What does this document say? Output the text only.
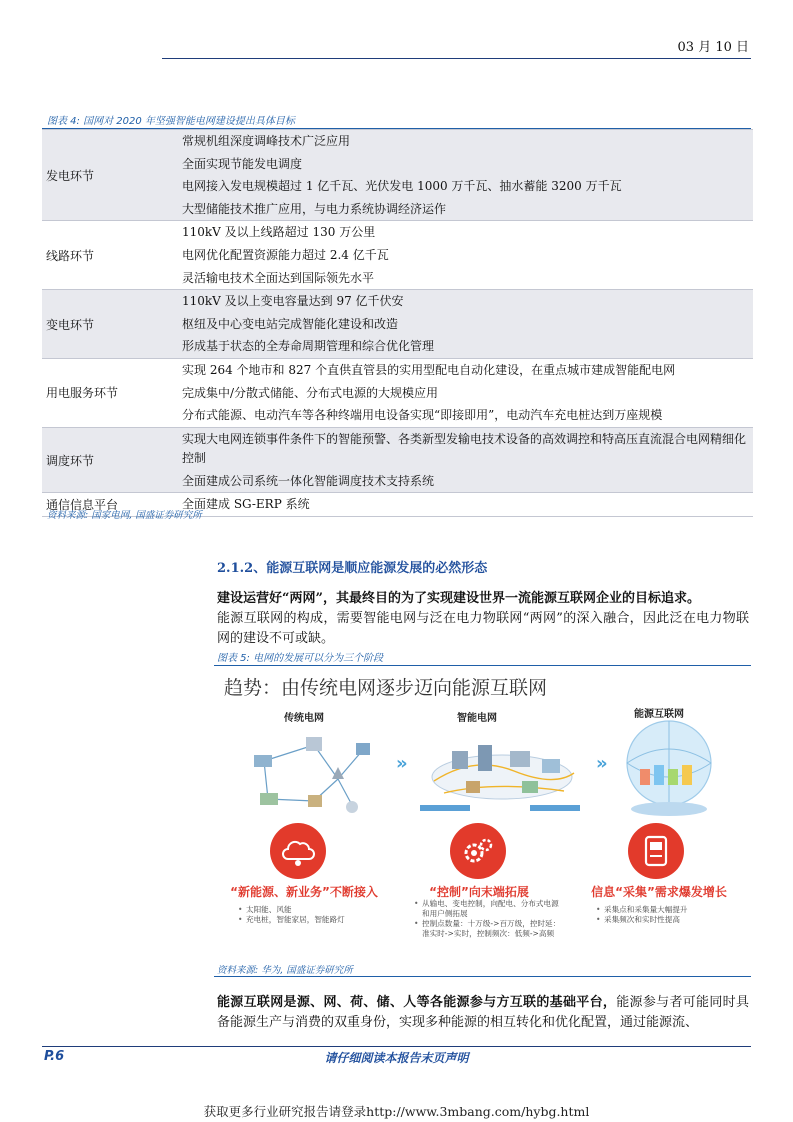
03 月 10 日
图表 4: 国网对 2020 年坚强智能电网建设提出具体目标
发电环节	常规机组深度调峰技术广泛应用
	全面实现节能发电调度
	电网接入发电规模超过 1 亿千瓦、光伏发电 1000 万千瓦、抽水蓄能 3200 万千瓦
	大型储能技术推广应用，与电力系统协调经济运作
线路环节	110kV 及以上线路超过 130 万公里
	电网优化配置资源能力超过 2.4 亿千瓦
	灵活输电技术全面达到国际领先水平
变电环节	110kV 及以上变电容量达到 97 亿千伏安
	枢纽及中心变电站完成智能化建设和改造
	形成基于状态的全寿命周期管理和综合优化管理
用电服务环节	实现 264 个地市和 827 个直供直管县的实用型配电自动化建设，在重点城市建成智能配电网
	完成集中/分散式储能、分布式电源的大规模应用
	分布式能源、电动汽车等各种终端用电设备实现“即接即用”，电动汽车充电桩达到万座规模
调度环节	实现大电网连锁事件条件下的智能预警、各类新型发输电技术设备的高效调控和特高压直流混合电网精细化控制
	全面建成公司系统一体化智能调度技术支持系统
通信信息平台	全面建成 SG-ERP 系统
资料来源: 国家电网, 国盛证券研究所
2.1.2、能源互联网是顺应能源发展的必然形态
建设运营好“两网”，其最终目的为了实现建设世界一流能源互联网企业的目标追求。
能源互联网的构成，需要智能电网与泛在电力物联网“两网”的深入融合，因此泛在电力物联网的建设不可或缺。
图表 5: 电网的发展可以分为三个阶段
趋势：由传统电网逐步迈向能源互联网
传统电网	智能电网	能源互联网
»	»
“新能源、新业务”不断接入	“控制”向末端拓展	信息“采集”需求爆发增长
• 太阳能、风能
• 充电桩，智能家居，智能路灯
• 从输电、变电控制，向配电、分布式电源和用户侧拓展
• 控制点数量：十万级->百万级，控时延：准实时->实时，控制频次：低频->高频
• 采集点和采集量大幅提升
• 采集频次和实时性提高
资料来源: 华为, 国盛证券研究所
能源互联网是源、网、荷、储、人等各能源参与方互联的基础平台，能源参与者可能同时具备能源生产与消费的双重身份，实现多种能源的相互转化和优化配置，通过能源流、
P.6	请仔细阅读本报告末页声明
获取更多行业研究报告请登录http://www.3mbang.com/hybg.html
